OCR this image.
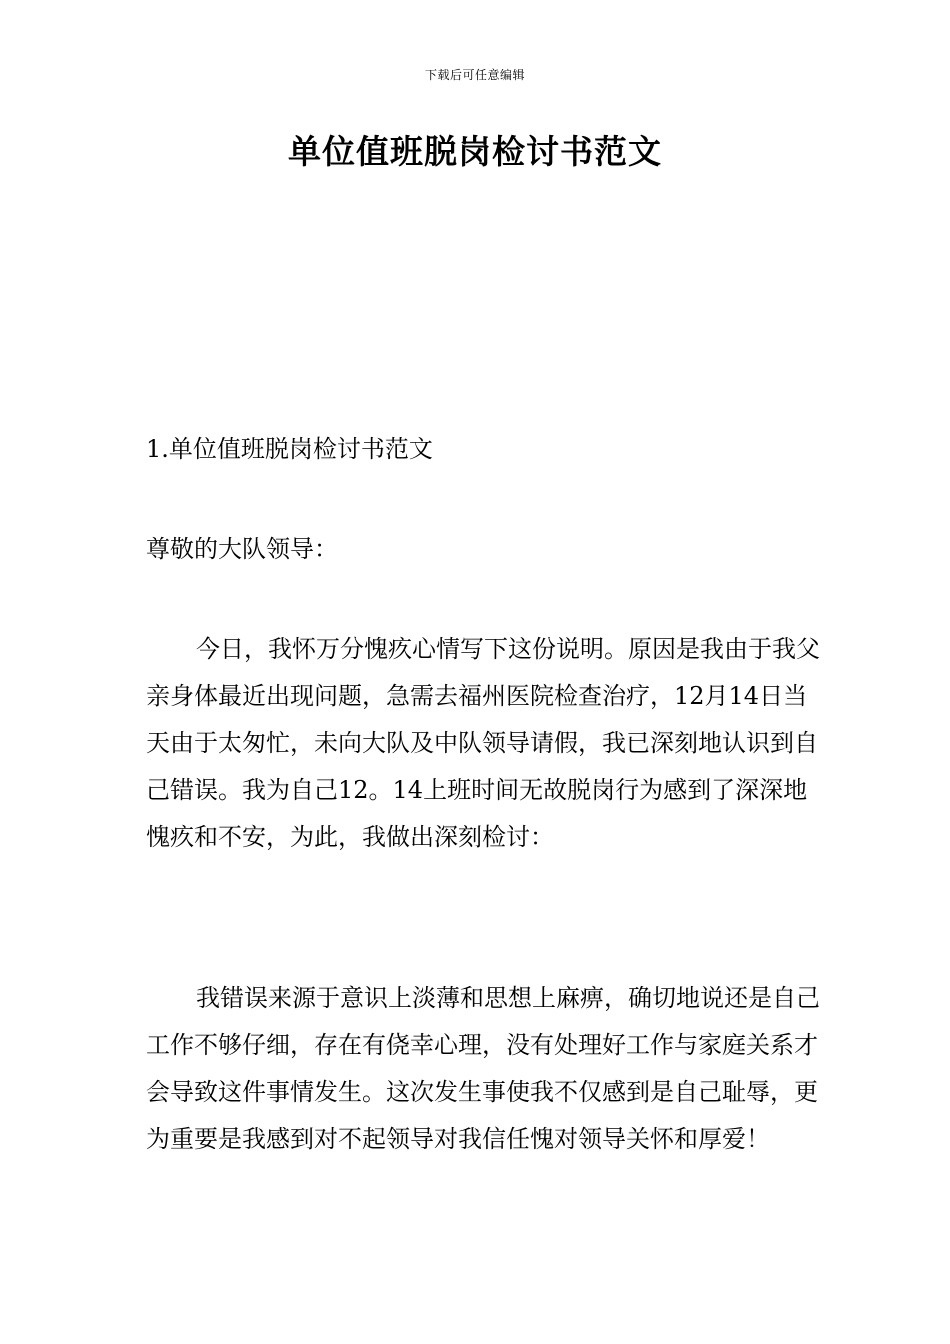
下载后可任意编辑
单位值班脱岗检讨书范文

1.单位值班脱岗检讨书范文

尊敬的大队领导：

今日，我怀万分愧疚心情写下这份说明。原因是我由于我父亲身体最近出现问题，急需去福州医院检查治疗，12月14日当天由于太匆忙，未向大队及中队领导请假，我已深刻地认识到自己错误。我为自己12。14上班时间无故脱岗行为感到了深深地愧疚和不安，为此，我做出深刻检讨：

我错误来源于意识上淡薄和思想上麻痹，确切地说还是自己工作不够仔细，存在有侥幸心理，没有处理好工作与家庭关系才会导致这件事情发生。这次发生事使我不仅感到是自己耻辱，更为重要是我感到对不起领导对我信任愧对领导关怀和厚爱！
